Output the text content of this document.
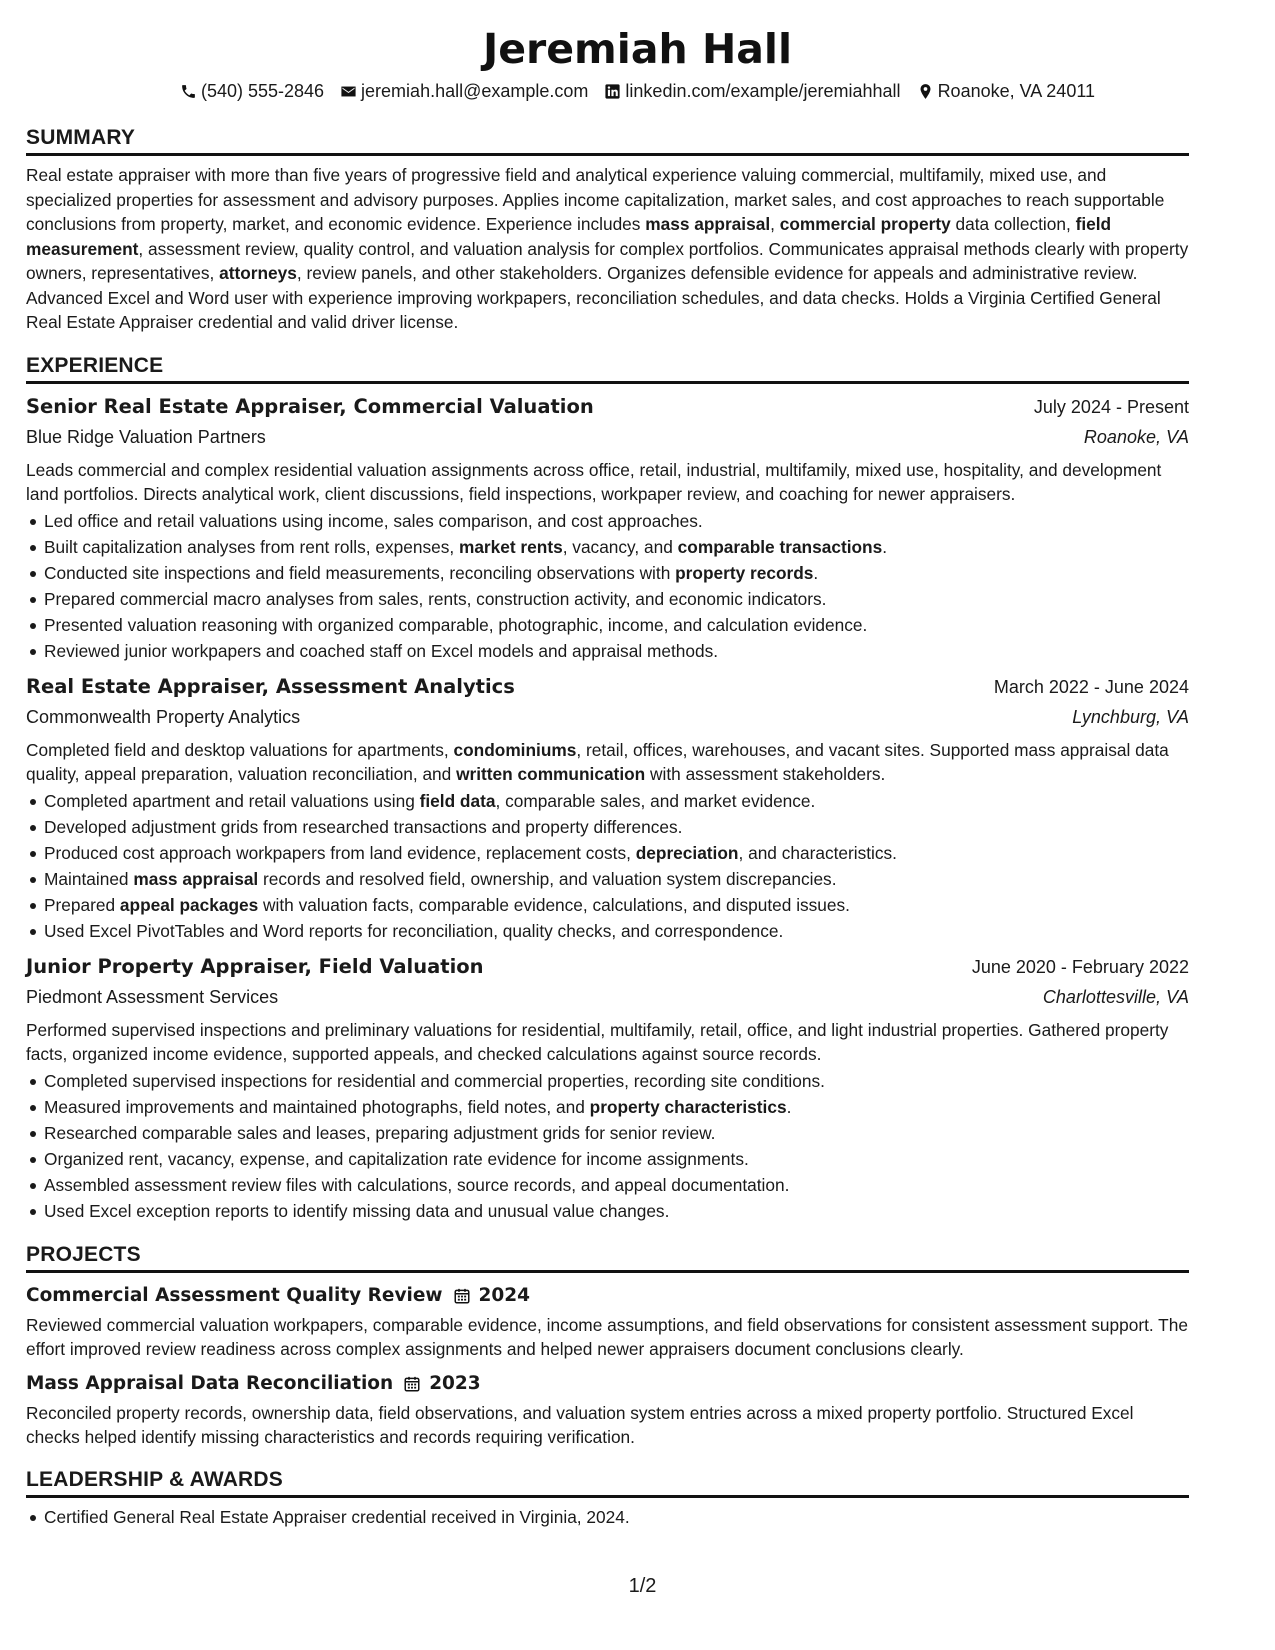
Jeremiah Hall
(540) 555-2846 jeremiah.hall@example.com linkedin.com/example/jeremiahhall Roanoke, VA 24011
SUMMARY

Real estate appraiser with more than five years of progressive field and analytical experience valuing commercial, multifamily, mixed use, and specialized properties for assessment and advisory purposes. Applies income capitalization, market sales, and cost approaches to reach supportable conclusions from property, market, and economic evidence. Experience includes mass appraisal, commercial property data collection, field measurement, assessment review, quality control, and valuation analysis for complex portfolios. Communicates appraisal methods clearly with property owners, representatives, attorneys, review panels, and other stakeholders. Organizes defensible evidence for appeals and administrative review. Advanced Excel and Word user with experience improving workpapers, reconciliation schedules, and data checks. Holds a Virginia Certified General Real Estate Appraiser credential and valid driver license.

EXPERIENCE
Senior Real Estate Appraiser, Commercial Valuation	July 2024 - Present
Blue Ridge Valuation Partners	Roanoke, VA

Leads commercial and complex residential valuation assignments across office, retail, industrial, multifamily, mixed use, hospitality, and development land portfolios. Directs analytical work, client discussions, field inspections, workpaper review, and coaching for newer appraisers.

Led office and retail valuations using income, sales comparison, and cost approaches.
Built capitalization analyses from rent rolls, expenses, market rents, vacancy, and comparable transactions.
Conducted site inspections and field measurements, reconciling observations with property records.
Prepared commercial macro analyses from sales, rents, construction activity, and economic indicators.
Presented valuation reasoning with organized comparable, photographic, income, and calculation evidence.
Reviewed junior workpapers and coached staff on Excel models and appraisal methods.
Real Estate Appraiser, Assessment Analytics	March 2022 - June 2024
Commonwealth Property Analytics	Lynchburg, VA

Completed field and desktop valuations for apartments, condominiums, retail, offices, warehouses, and vacant sites. Supported mass appraisal data quality, appeal preparation, valuation reconciliation, and written communication with assessment stakeholders.

Completed apartment and retail valuations using field data, comparable sales, and market evidence.
Developed adjustment grids from researched transactions and property differences.
Produced cost approach workpapers from land evidence, replacement costs, depreciation, and characteristics.
Maintained mass appraisal records and resolved field, ownership, and valuation system discrepancies.
Prepared appeal packages with valuation facts, comparable evidence, calculations, and disputed issues.
Used Excel PivotTables and Word reports for reconciliation, quality checks, and correspondence.
Junior Property Appraiser, Field Valuation	June 2020 - February 2022
Piedmont Assessment Services	Charlottesville, VA

Performed supervised inspections and preliminary valuations for residential, multifamily, retail, office, and light industrial properties. Gathered property facts, organized income evidence, supported appeals, and checked calculations against source records.

Completed supervised inspections for residential and commercial properties, recording site conditions.
Measured improvements and maintained photographs, field notes, and property characteristics.
Researched comparable sales and leases, preparing adjustment grids for senior review.
Organized rent, vacancy, expense, and capitalization rate evidence for income assignments.
Assembled assessment review files with calculations, source records, and appeal documentation.
Used Excel exception reports to identify missing data and unusual value changes.
PROJECTS
Commercial Assessment Quality Review 2024

Reviewed commercial valuation workpapers, comparable evidence, income assumptions, and field observations for consistent assessment support. The effort improved review readiness across complex assignments and helped newer appraisers document conclusions clearly.

Mass Appraisal Data Reconciliation 2023

Reconciled property records, ownership data, field observations, and valuation system entries across a mixed property portfolio. Structured Excel checks helped identify missing characteristics and records requiring verification.

LEADERSHIP & AWARDS
Certified General Real Estate Appraiser credential received in Virginia, 2024.
1/2
